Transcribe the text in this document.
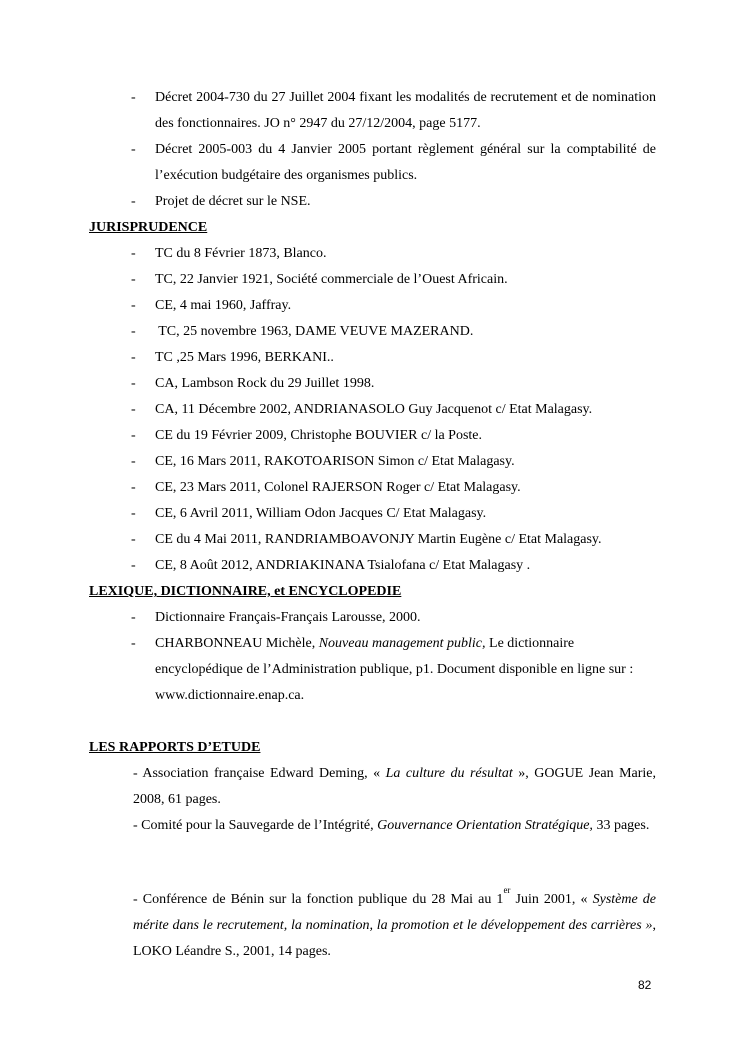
- Décret 2004-730 du 27 Juillet 2004 fixant les modalités de recrutement et de nomination des fonctionnaires. JO n° 2947 du 27/12/2004, page 5177.
- Décret 2005-003 du 4 Janvier 2005 portant règlement général sur la comptabilité de l’exécution budgétaire des organismes publics.
- Projet de décret sur le NSE.
JURISPRUDENCE
- TC du 8 Février 1873, Blanco.
- TC, 22 Janvier 1921, Société commerciale de l’Ouest Africain.
- CE, 4 mai 1960, Jaffray.
-  TC, 25 novembre 1963, DAME VEUVE MAZERAND.
- TC ,25 Mars 1996, BERKANI..
- CA, Lambson Rock du 29 Juillet 1998.
- CA, 11 Décembre 2002, ANDRIANASOLO Guy Jacquenot c/ Etat Malagasy.
- CE du 19 Février 2009, Christophe BOUVIER c/ la Poste.
- CE, 16 Mars 2011, RAKOTOARISON Simon c/ Etat Malagasy.
- CE, 23 Mars 2011, Colonel RAJERSON Roger c/ Etat Malagasy.
- CE, 6 Avril 2011, William Odon Jacques C/ Etat Malagasy.
- CE du 4 Mai 2011, RANDRIAMBOAVONJY Martin Eugène c/ Etat Malagasy.
- CE, 8 Août 2012, ANDRIAKINANA Tsialofana c/ Etat Malagasy .
LEXIQUE, DICTIONNAIRE, et ENCYCLOPEDIE
- Dictionnaire Français-Français Larousse, 2000.
- CHARBONNEAU Michèle, Nouveau management public, Le dictionnaire encyclopédique de l’Administration publique, p1. Document disponible en ligne sur : www.dictionnaire.enap.ca.
LES RAPPORTS D’ETUDE
- Association française Edward Deming, « La culture du résultat », GOGUE Jean Marie, 2008, 61 pages.
- Comité pour la Sauvegarde de l’Intégrité, Gouvernance Orientation Stratégique, 33 pages.
- Conférence de Bénin sur la fonction publique du 28 Mai au 1er Juin 2001, « Système de mérite dans le recrutement, la nomination, la promotion et le développement des carrières », LOKO Léandre S., 2001, 14 pages.
82
